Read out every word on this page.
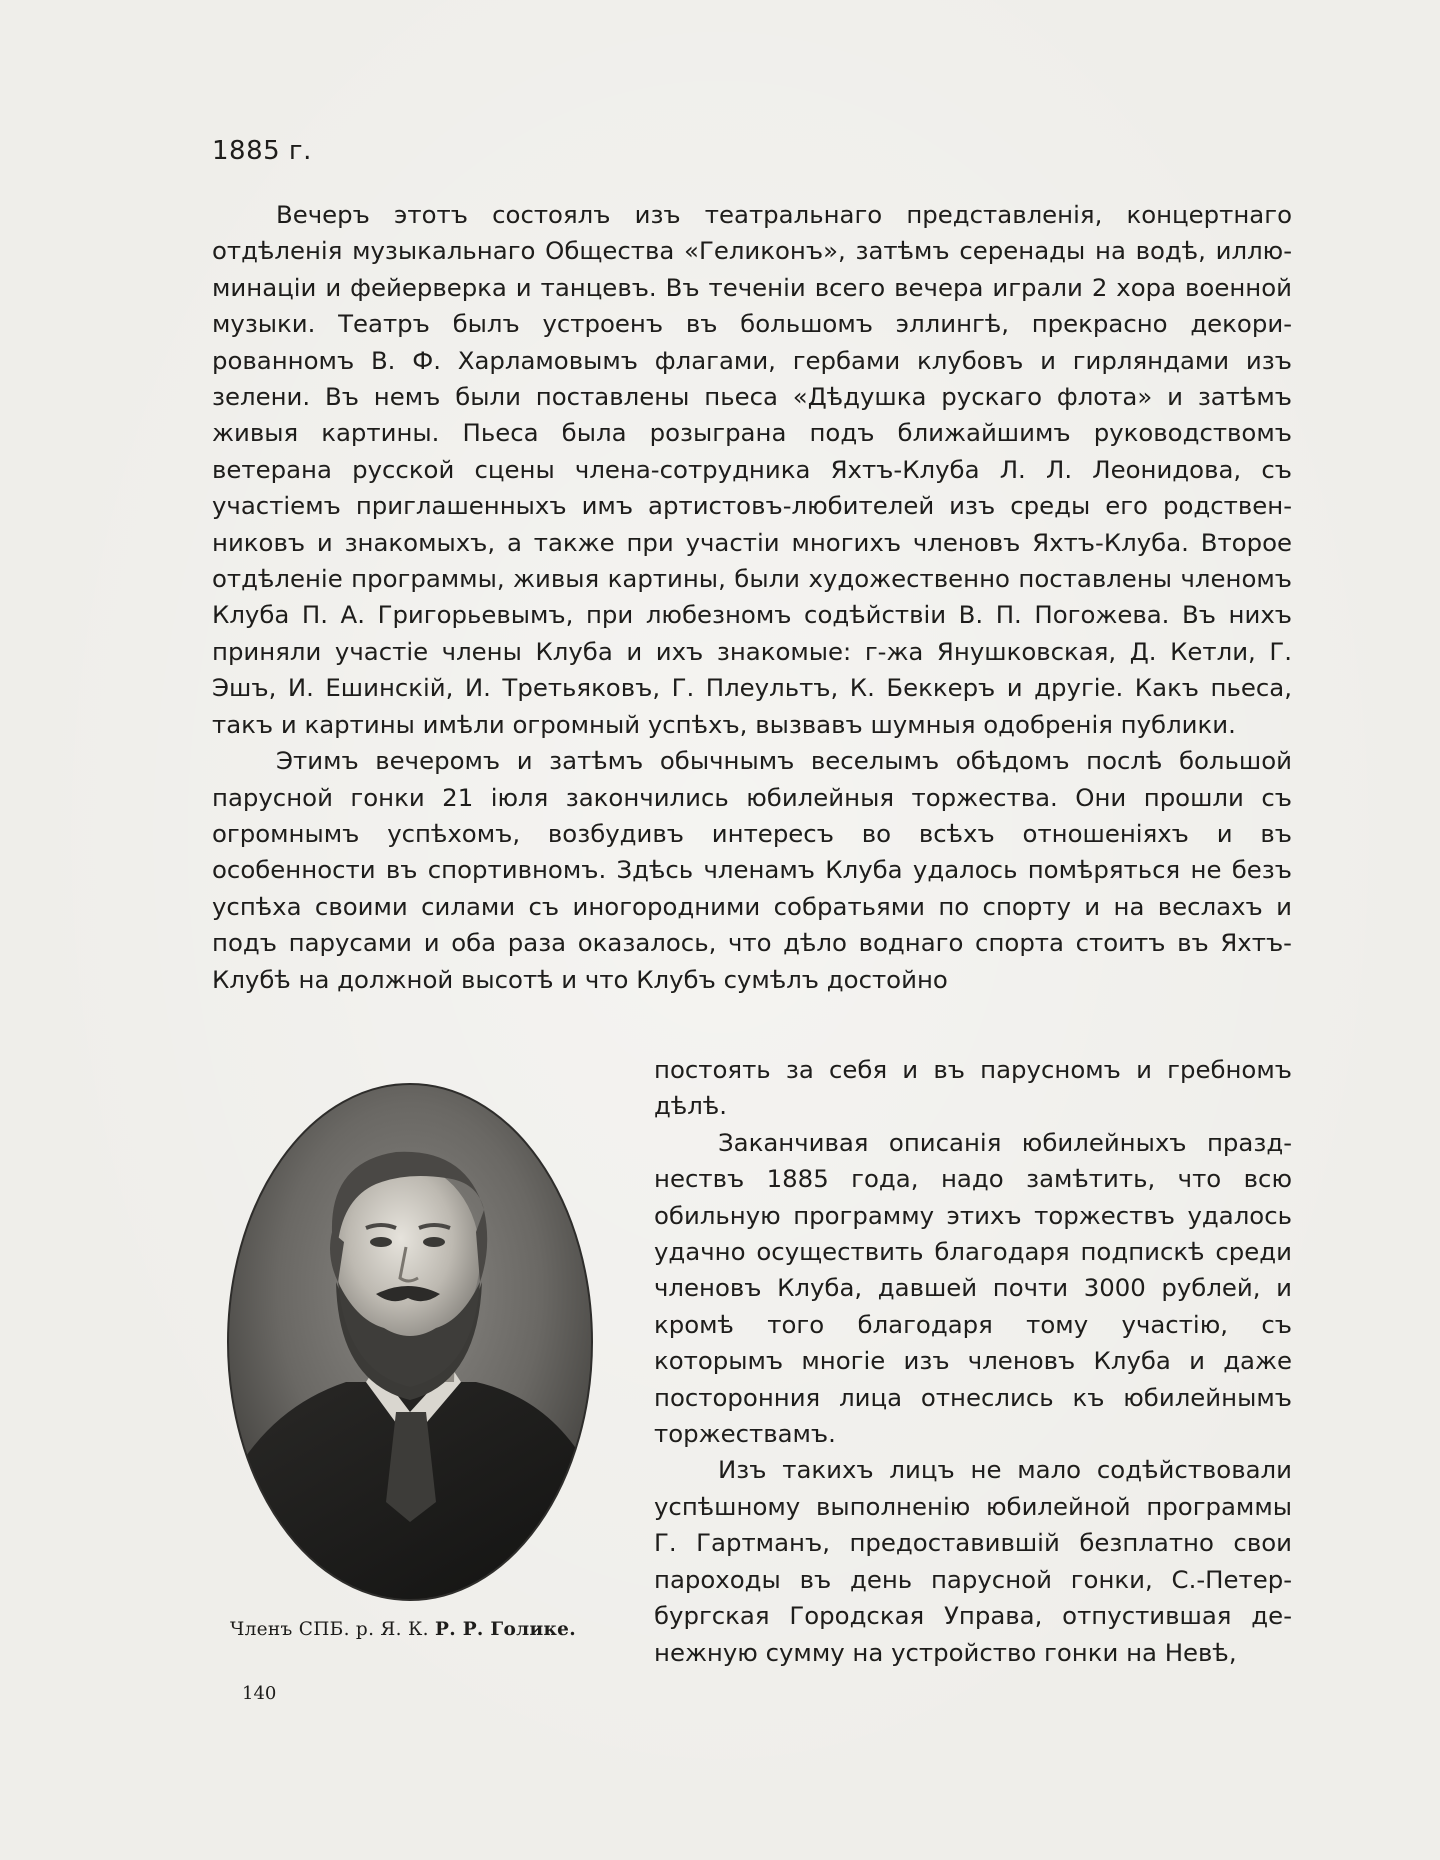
1885 г.

Вечеръ этотъ состоялъ изъ театральнаго представленія, концертнаго отдѣленія музыкальнаго Общества «Геликонъ», затѣмъ серенады на водѣ, иллюминаціи и фейерверка и танцевъ. Въ теченіи всего вечера играли 2 хора военной музыки. Театръ былъ устроенъ въ большомъ эллингѣ, прекрасно декорированномъ В. Ф. Харламовымъ флагами, гербами клубовъ и гирляндами изъ зелени. Въ немъ были поставлены пьеса «Дѣдушка рускаго флота» и затѣмъ живыя картины. Пьеса была розыграна подъ ближайшимъ руководствомъ ветерана русской сцены члена-сотрудника Яхтъ-Клуба Л. Л. Леонидова, съ участіемъ приглашенныхъ имъ артистовъ-любителей изъ среды его родственниковъ и знакомыхъ, а также при участіи многихъ членовъ Яхтъ-Клуба. Второе отдѣленіе программы, живыя картины, были художественно поставлены членомъ Клуба П. А. Григорьевымъ, при любезномъ содѣйствіи В. П. Погожева. Въ нихъ приняли участіе члены Клуба и ихъ знакомые: г-жа Янушковская, Д. Кетли, Г. Эшъ, И. Ешинскій, И. Третьяковъ, Г. Плеультъ, К. Беккеръ и другіе. Какъ пьеса, такъ и картины имѣли огромный успѣхъ, вызвавъ шумныя одобренія публики.

Этимъ вечеромъ и затѣмъ обычнымъ веселымъ обѣдомъ послѣ большой парусной гонки 21 іюля закончились юбилейныя торжества. Они прошли съ огромнымъ успѣхомъ, возбудивъ интересъ во всѣхъ отношеніяхъ и въ особенности въ спортивномъ. Здѣсь членамъ Клуба удалось помѣряться не безъ успѣха своими силами съ иногородними собратьями по спорту и на веслахъ и подъ парусами и оба раза оказалось, что дѣло воднаго спорта стоитъ въ Яхтъ-Клубѣ на должной высотѣ и что Клубъ сумѣлъ достойно

постоять за себя и въ парусномъ и гребномъ дѣлѣ.

Заканчивая описанія юбилейныхъ празднествъ 1885 года, надо замѣтить, что всю обильную программу этихъ торжествъ удалось удачно осуществить благодаря подпискѣ среди членовъ Клуба, давшей почти 3000 рублей, и кромѣ того благодаря тому участію, съ которымъ многіе изъ членовъ Клуба и даже посторонния лица отнеслись къ юбилейнымъ торжествамъ.

Изъ такихъ лицъ не мало содѣйствовали успѣшному выполненію юбилейной программы Г. Гартманъ, предоставившій безплатно свои пароходы въ день парусной гонки, С.-Петербургская Городская Управа, отпустившая денежную сумму на устройство гонки на Невѣ,

Членъ СПБ. р. Я. К. Р. Р. Голике.
140
